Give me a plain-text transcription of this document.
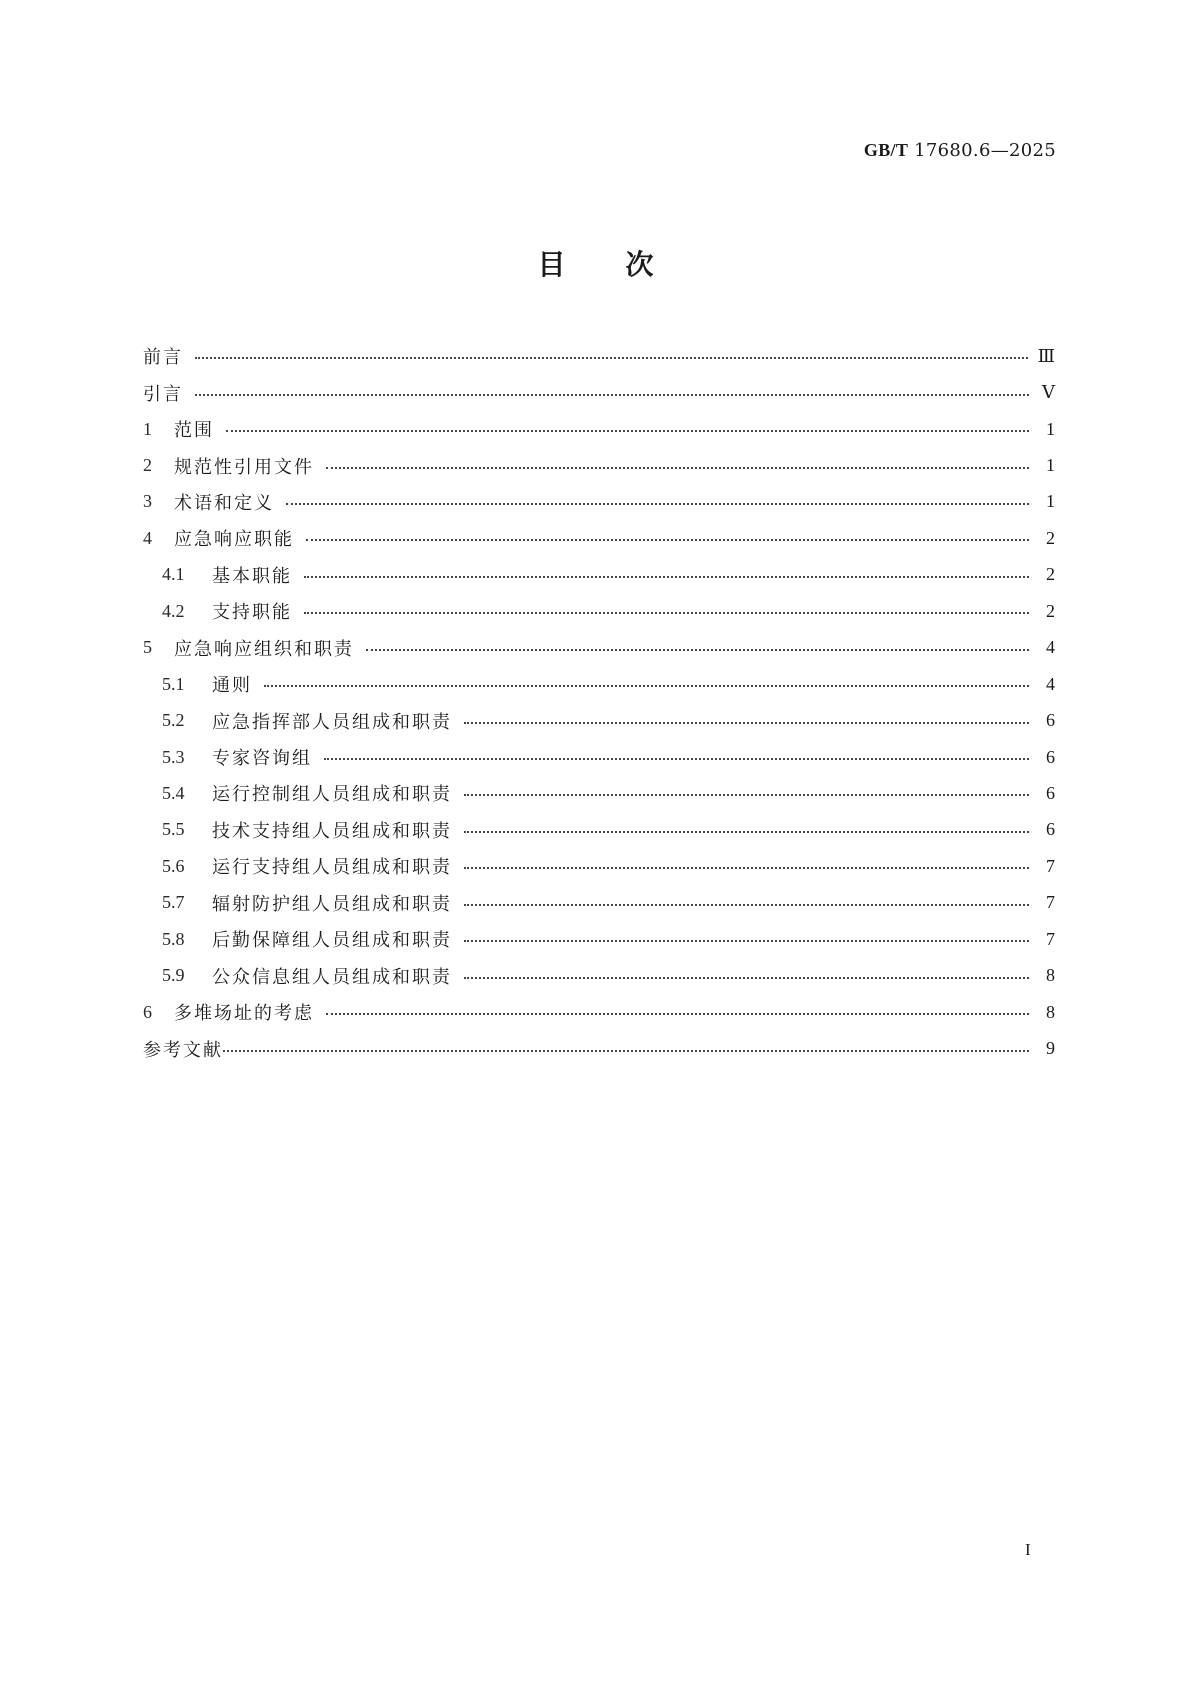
GB/T 17680.6—2025
目次
前言	Ⅲ
引言	Ⅴ
1	范围	1
2	规范性引用文件	1
3	术语和定义	1
4	应急响应职能	2
4.1	基本职能	2
4.2	支持职能	2
5	应急响应组织和职责	4
5.1	通则	4
5.2	应急指挥部人员组成和职责	6
5.3	专家咨询组	6
5.4	运行控制组人员组成和职责	6
5.5	技术支持组人员组成和职责	6
5.6	运行支持组人员组成和职责	7
5.7	辐射防护组人员组成和职责	7
5.8	后勤保障组人员组成和职责	7
5.9	公众信息组人员组成和职责	8
6	多堆场址的考虑	8
参考文献	9
I
